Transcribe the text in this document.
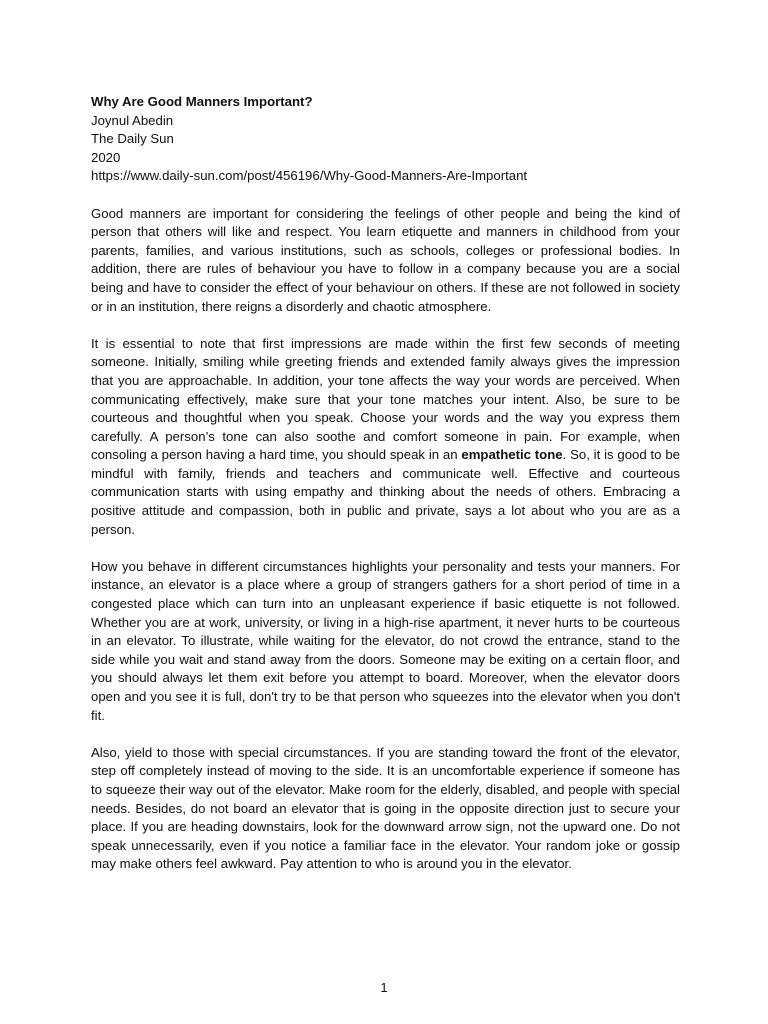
Why Are Good Manners Important?

Joynul Abedin

The Daily Sun

2020

https://www.daily-sun.com/post/456196/Why-Good-Manners-Are-Important

Good manners are important for considering the feelings of other people and being the kind of person that others will like and respect. You learn etiquette and manners in childhood from your parents, families, and various institutions, such as schools, colleges or professional bodies. In addition, there are rules of behaviour you have to follow in a company because you are a social being and have to consider the effect of your behaviour on others. If these are not followed in society or in an institution, there reigns a disorderly and chaotic atmosphere.

It is essential to note that first impressions are made within the first few seconds of meeting someone. Initially, smiling while greeting friends and extended family always gives the impression that you are approachable. In addition, your tone affects the way your words are perceived. When communicating effectively, make sure that your tone matches your intent. Also, be sure to be courteous and thoughtful when you speak. Choose your words and the way you express them carefully. A person’s tone can also soothe and comfort someone in pain. For example, when consoling a person having a hard time, you should speak in an empathetic tone. So, it is good to be mindful with family, friends and teachers and communicate well. Effective and courteous communication starts with using empathy and thinking about the needs of others. Embracing a positive attitude and compassion, both in public and private, says a lot about who you are as a person.

How you behave in different circumstances highlights your personality and tests your manners. For instance, an elevator is a place where a group of strangers gathers for a short period of time in a congested place which can turn into an unpleasant experience if basic etiquette is not followed. Whether you are at work, university, or living in a high-rise apartment, it never hurts to be courteous in an elevator. To illustrate, while waiting for the elevator, do not crowd the entrance, stand to the side while you wait and stand away from the doors. Someone may be exiting on a certain floor, and you should always let them exit before you attempt to board. Moreover, when the elevator doors open and you see it is full, don't try to be that person who squeezes into the elevator when you don't fit.

Also, yield to those with special circumstances. If you are standing toward the front of the elevator, step off completely instead of moving to the side. It is an uncomfortable experience if someone has to squeeze their way out of the elevator. Make room for the elderly, disabled, and people with special needs. Besides, do not board an elevator that is going in the opposite direction just to secure your place. If you are heading downstairs, look for the downward arrow sign, not the upward one. Do not speak unnecessarily, even if you notice a familiar face in the elevator. Your random joke or gossip may make others feel awkward. Pay attention to who is around you in the elevator.

1
